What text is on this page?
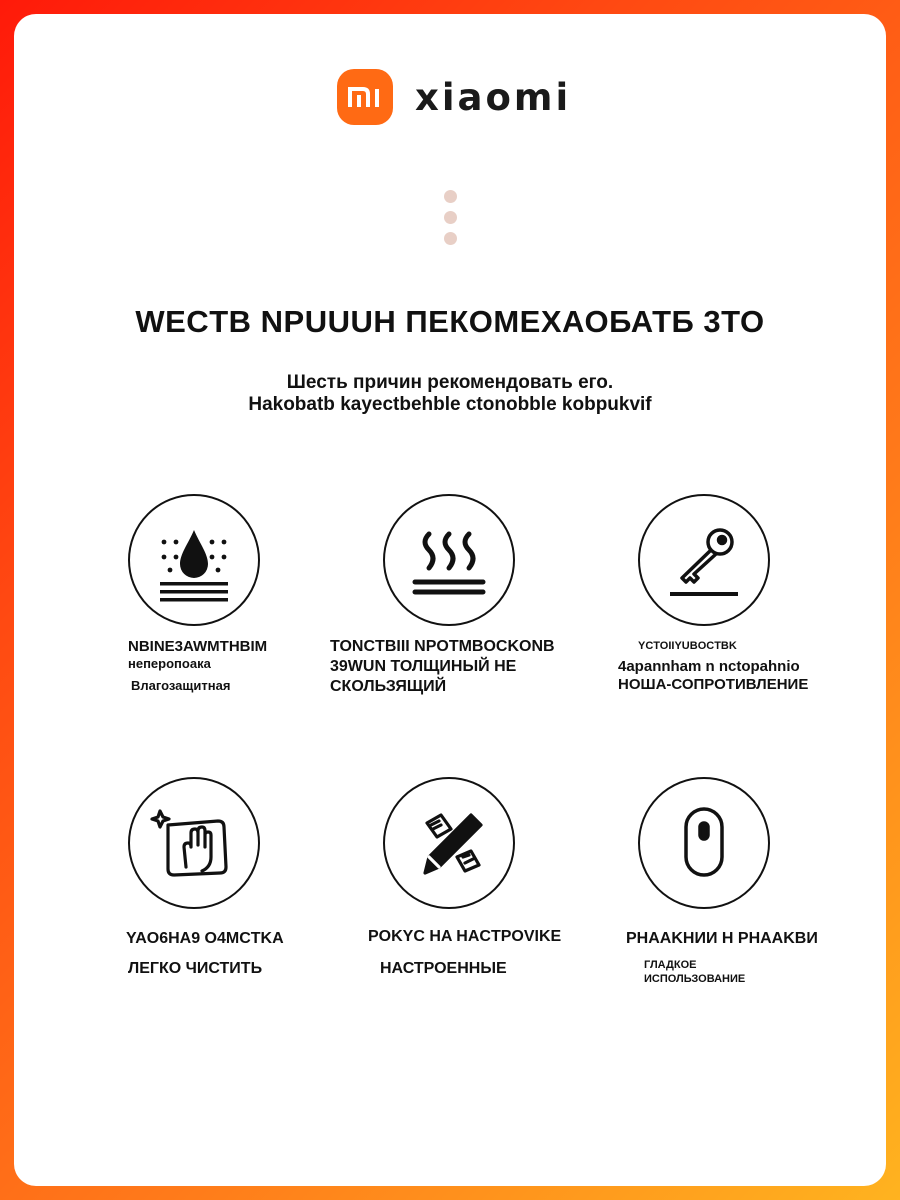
xiaomi
WECTB NPUUUH ПЕКОМЕХАОБАТБ 3TO
Шесть причин рекомендовать его.
Hakobatb kayectbehble ctonobble kobpukvif
NBINE3AWMTHBIM
неперопоака
Влагозащитная
TONCTBIII NPOTMBOCKONB
39WUN ТОЛЩИНЫЙ НЕ
СКОЛЬЗЯЩИЙ
YCTOIIYUBOCTBK
4apannham n nctopahnio
НОША-СОПРОТИВЛЕНИЕ
YAO6HA9 O4MCTKA
ЛЕГКО ЧИСТИТЬ
POKYC HA HACTPOVIKE
НАСТРОЕННЫЕ
PHAAKHИИ Н PHAAKBИ
ГЛАДКОЕ
ИСПОЛЬЗОВАНИЕ
